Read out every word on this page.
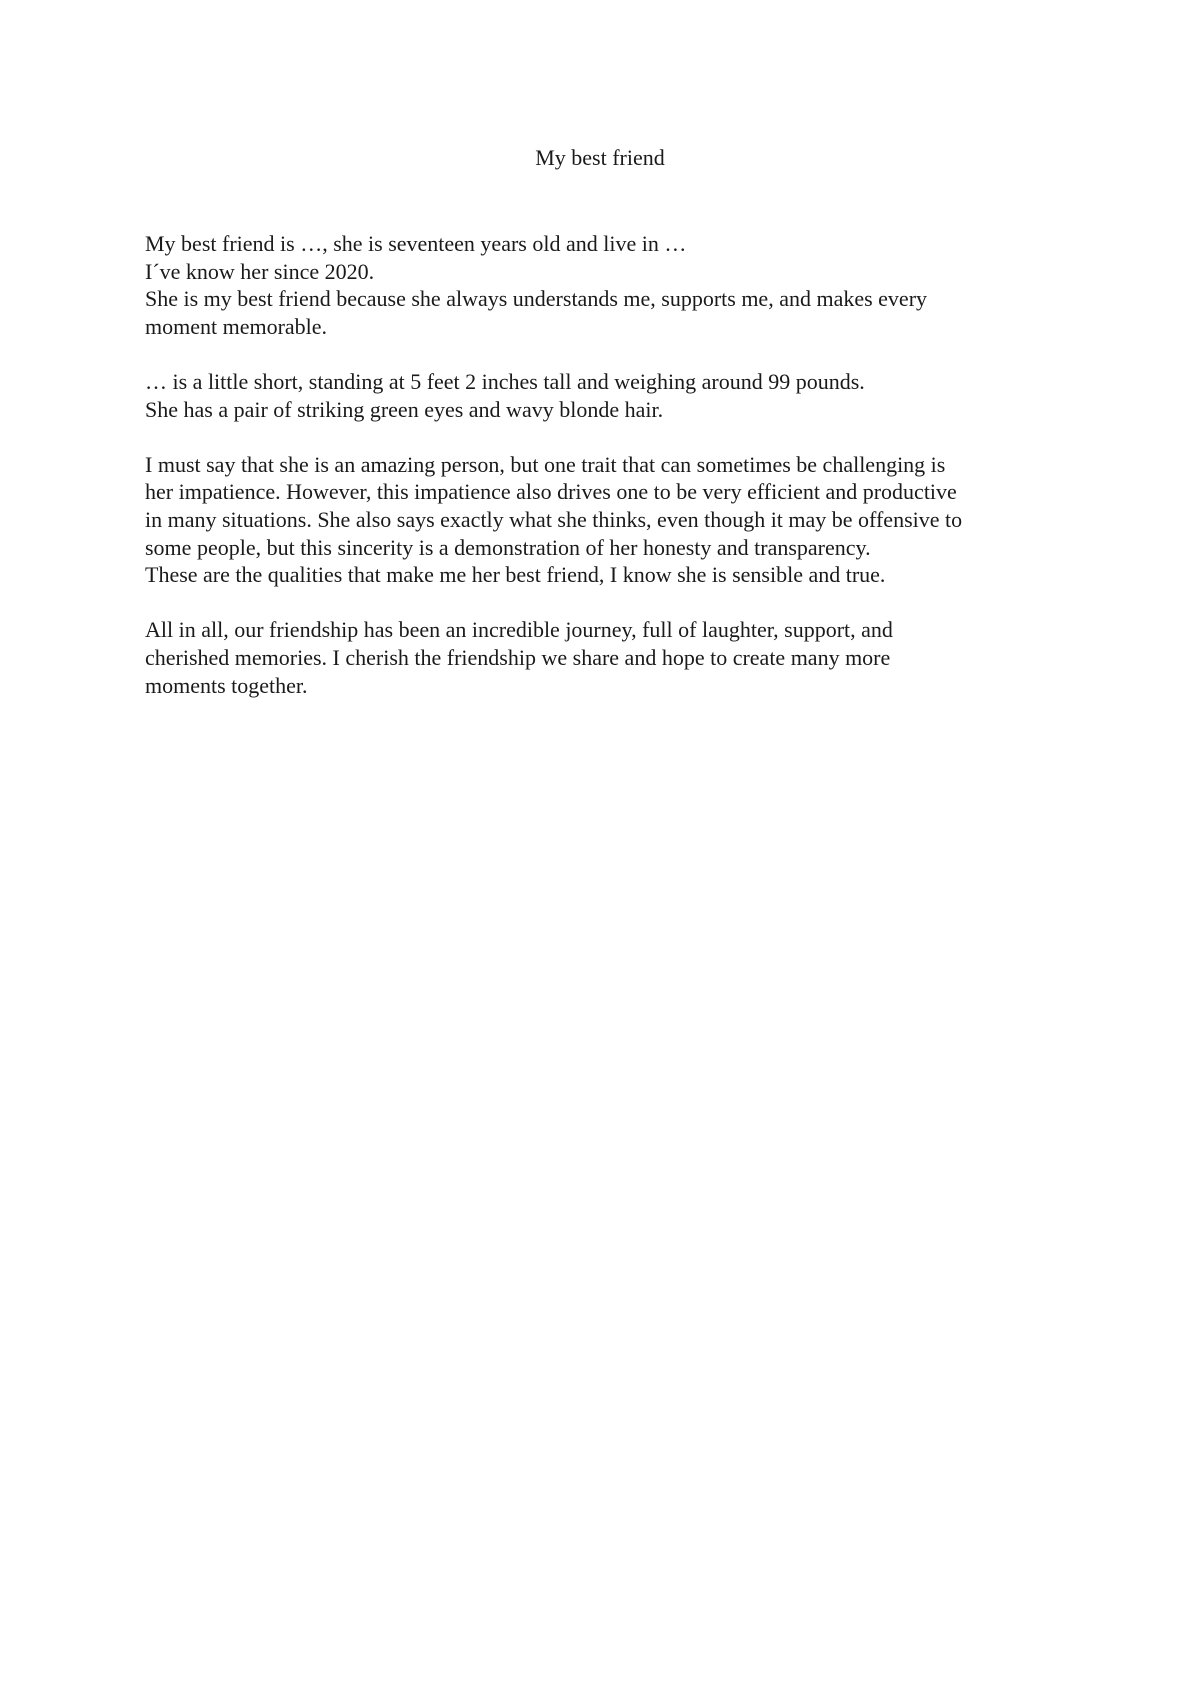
My best friend

My best friend is …, she is seventeen years old and live in …
I´ve know her since 2020.
She is my best friend because she always understands me, supports me, and makes every
moment memorable.

… is a little short, standing at 5 feet 2 inches tall and weighing around 99 pounds.
She has a pair of striking green eyes and wavy blonde hair.

I must say that she is an amazing person, but one trait that can sometimes be challenging is
her impatience. However, this impatience also drives one to be very efficient and productive
in many situations. She also says exactly what she thinks, even though it may be offensive to
some people, but this sincerity is a demonstration of her honesty and transparency.
These are the qualities that make me her best friend, I know she is sensible and true.

All in all, our friendship has been an incredible journey, full of laughter, support, and
cherished memories. I cherish the friendship we share and hope to create many more
moments together.
